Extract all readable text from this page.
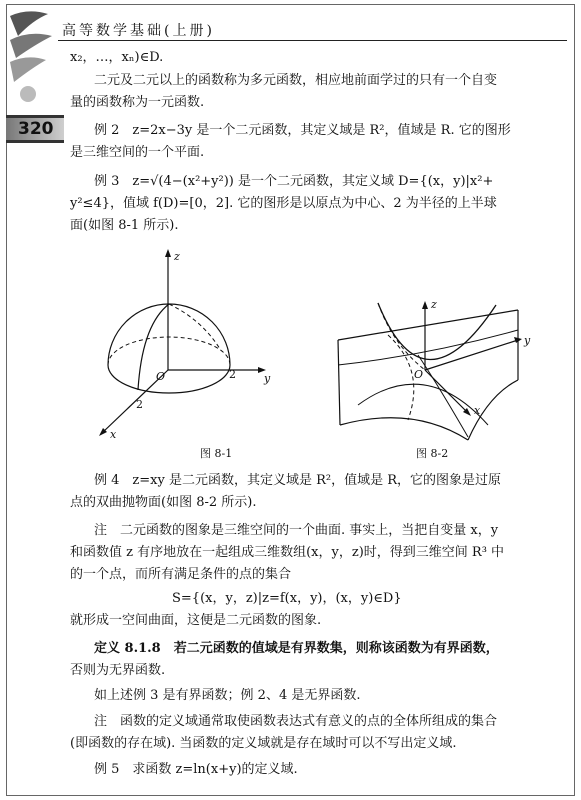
高等数学基础(上册)
320
x₂，…，xₙ)∈D.
二元及二元以上的函数称为多元函数，相应地前面学过的只有一个自变
量的函数称为一元函数.
例 2　z=2x−3y 是一个二元函数，其定义域是 R²，值域是 R. 它的图形
是三维空间的一个平面.
例 3　z=√(4−(x²+y²)) 是一个二元函数，其定义域 D={(x，y)|x²+
y²≤4}，值域 f(D)=[0，2]. 它的图形是以原点为中心、2 为半径的上半球
面(如图 8-1 所示).
z
y
x
O	2
2
图 8-1
z
y
x
O
图 8-2
例 4　z=xy 是二元函数，其定义域是 R²，值域是 R，它的图象是过原
点的双曲抛物面(如图 8-2 所示).
注　二元函数的图象是三维空间的一个曲面. 事实上，当把自变量 x，y
和函数值 z 有序地放在一起组成三维数组(x，y，z)时，得到三维空间 R³ 中
的一个点，而所有满足条件的点的集合
S={(x，y，z)|z=f(x，y)，(x，y)∈D}
就形成一空间曲面，这便是二元函数的图象.
定义 8.1.8　若二元函数的值域是有界数集，则称该函数为有界函数，
否则为无界函数.
如上述例 3 是有界函数；例 2、4 是无界函数.
注　函数的定义域通常取使函数表达式有意义的点的全体所组成的集合
(即函数的存在域). 当函数的定义域就是存在域时可以不写出定义域.
例 5　求函数 z=ln(x+y)的定义域.
